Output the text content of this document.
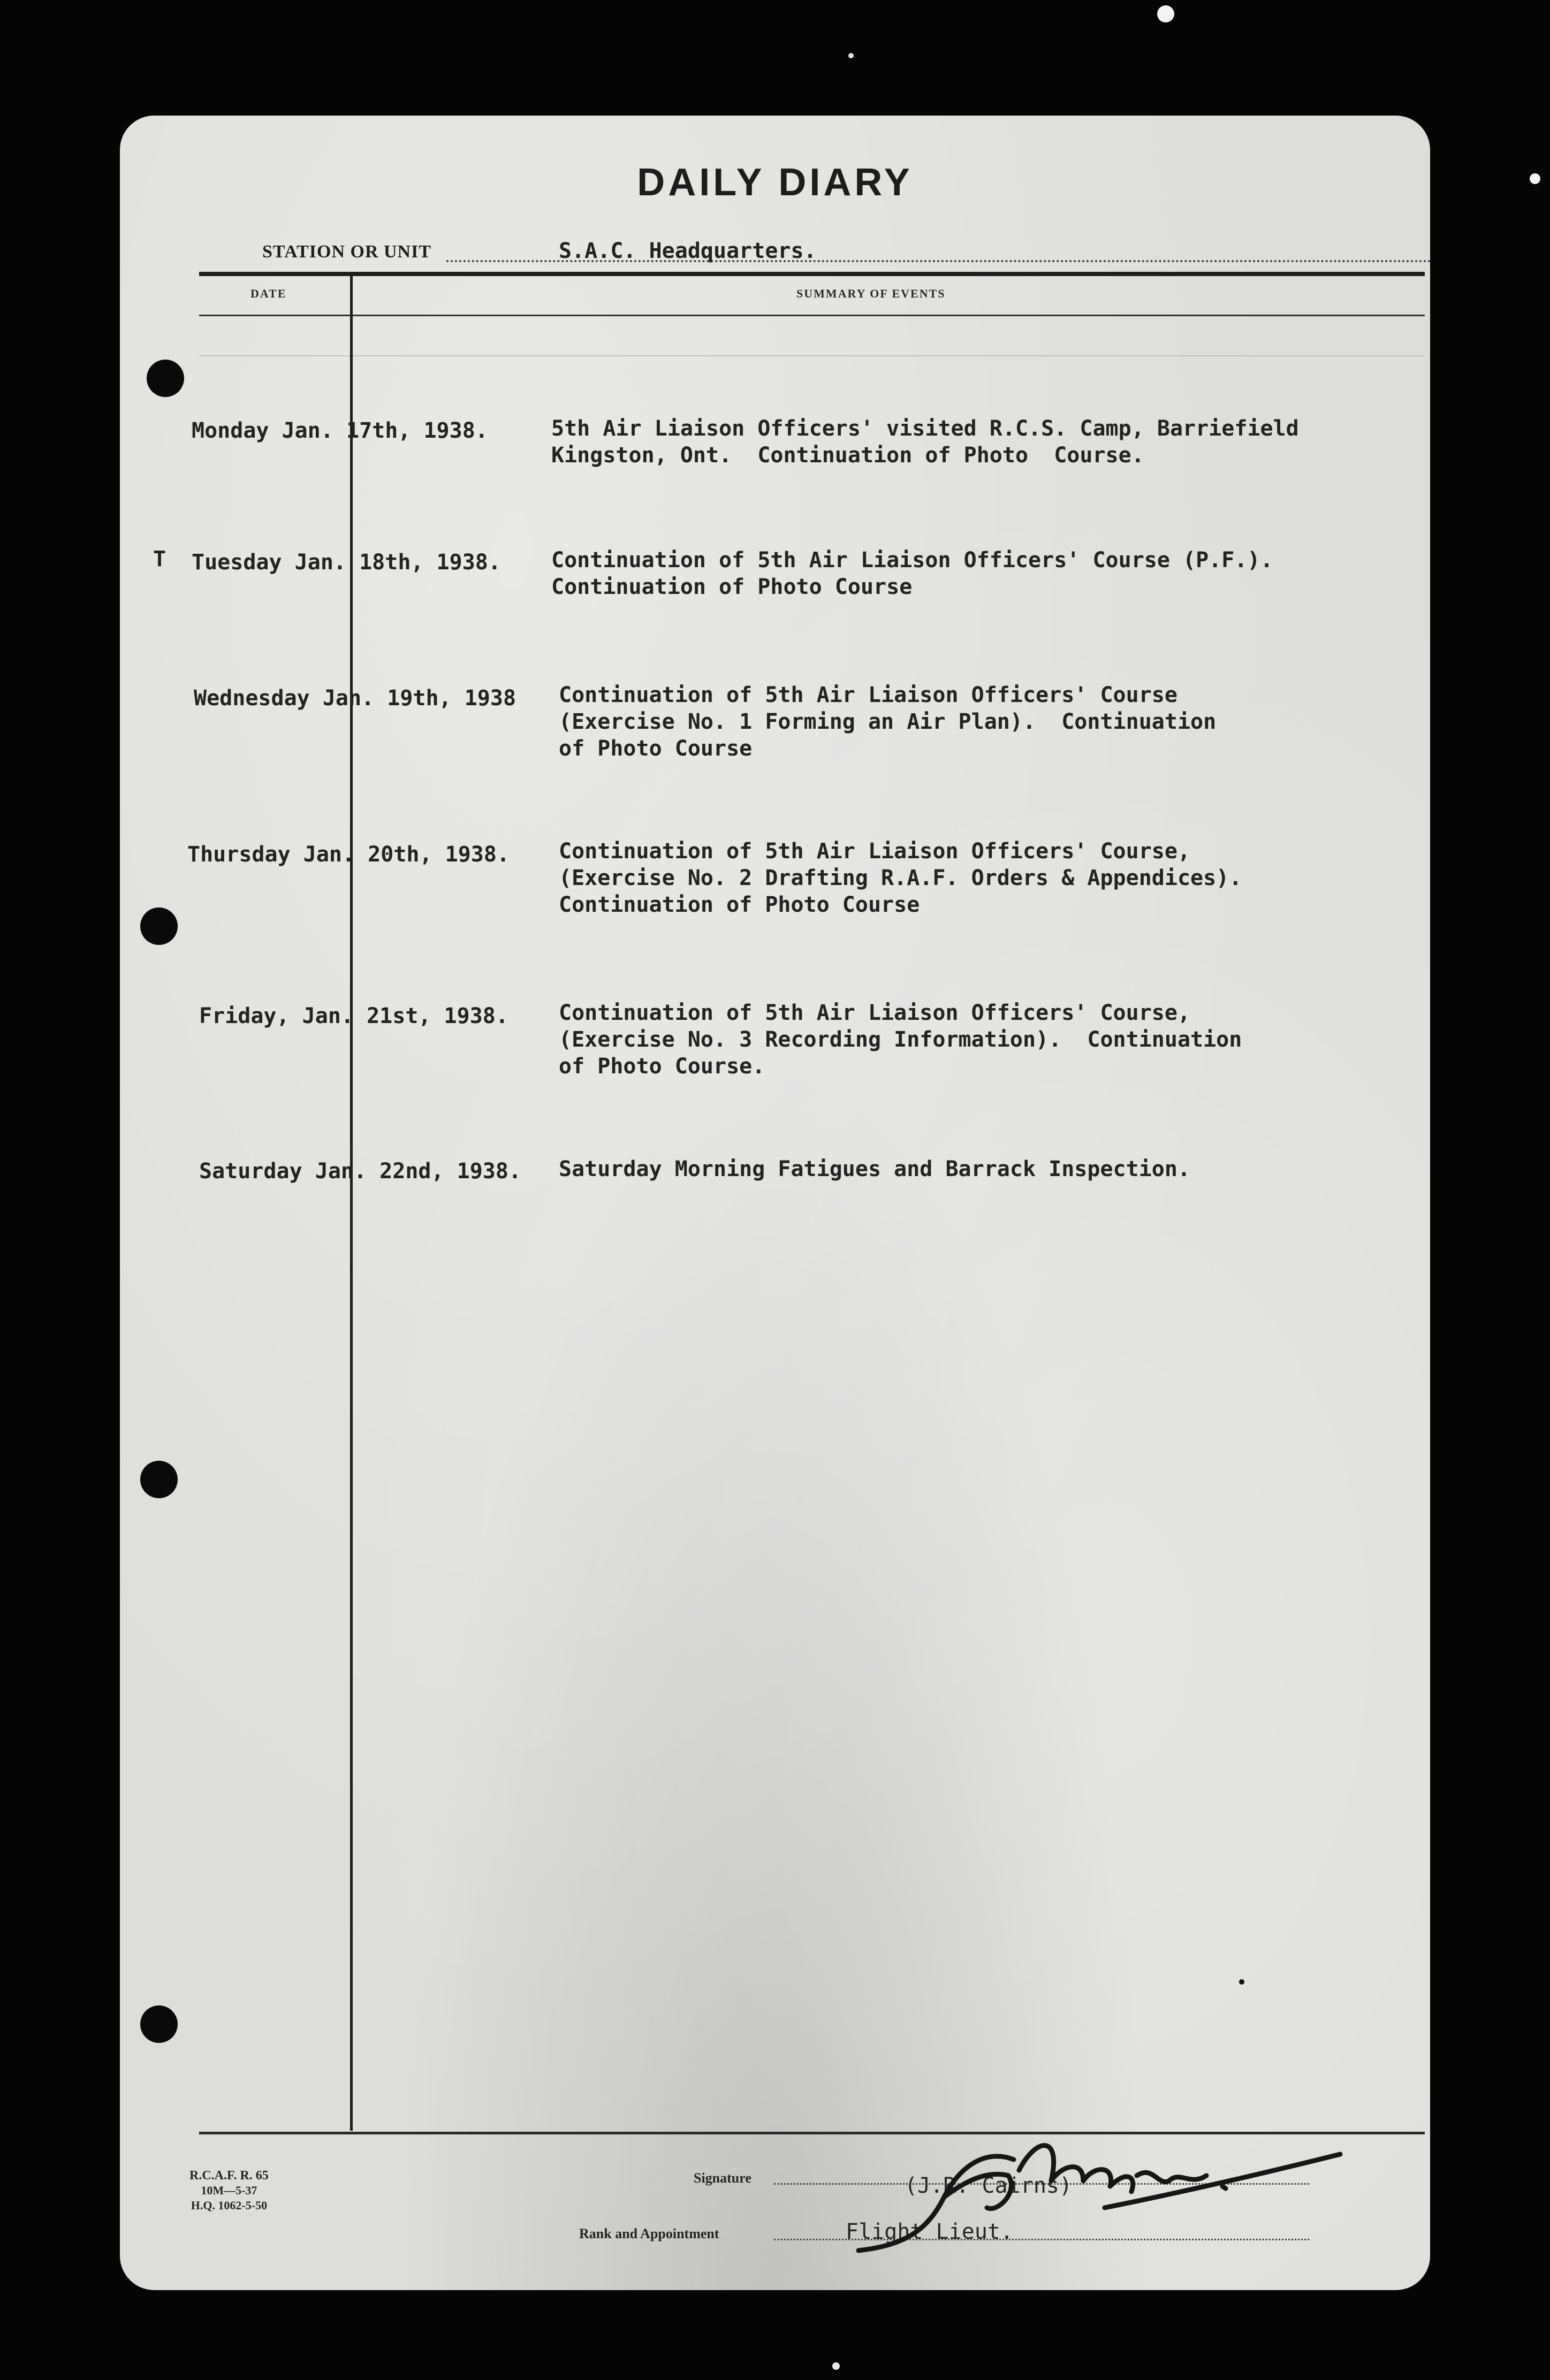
DAILY DIARY
STATION OR UNIT	S.A.C. Headquarters.
DATE	SUMMARY OF EVENTS
T
Monday Jan. 17th, 1938.	5th Air Liaison Officers' visited R.C.S. Camp, Barriefield
Kingston, Ont.  Continuation of Photo  Course.
Tuesday Jan. 18th, 1938. Continuation of 5th Air Liaison Officers' Course (P.F.).
Continuation of Photo Course
Wednesday Jan. 19th, 1938 Continuation of 5th Air Liaison Officers' Course
(Exercise No. 1 Forming an Air Plan).  Continuation
of Photo Course
Thursday Jan. 20th, 1938. Continuation of 5th Air Liaison Officers' Course,
(Exercise No. 2 Drafting R.A.F. Orders & Appendices).
Continuation of Photo Course
Friday, Jan. 21st, 1938. Continuation of 5th Air Liaison Officers' Course,
(Exercise No. 3 Recording Information).  Continuation
of Photo Course.
Saturday Jan. 22nd, 1938. Saturday Morning Fatigues and Barrack Inspection.
R.C.A.F. R. 65
10M—5-37
H.Q. 1062-5-50
Signature	(J.R. Cairns)
Rank and Appointment	Flight Lieut.
